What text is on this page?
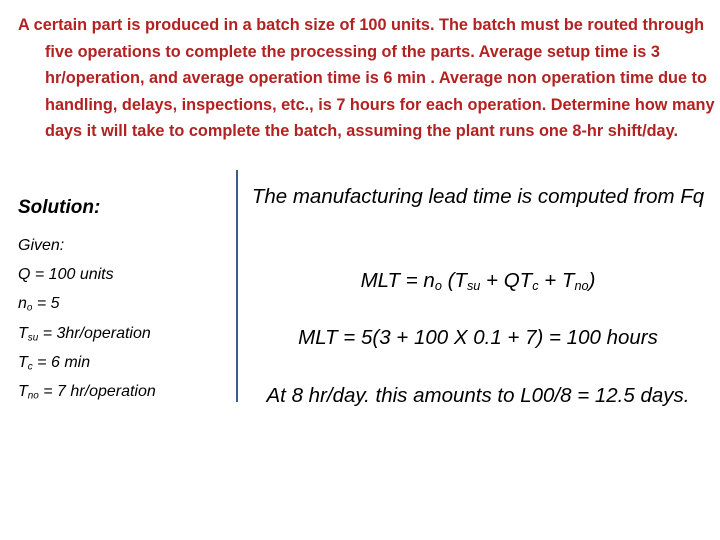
A certain part is produced in a batch size of 100 units. The batch must be routed through five operations to complete the processing of the parts. Average setup time is 3 hr/operation, and average operation time is 6 min . Average non operation time due to handling, delays, inspections, etc., is 7 hours for each operation. Determine how many days it will take to complete the batch, assuming the plant runs one 8-hr shift/day.

Solution:
Given:
Q = 100 units
$n_o = 5$
$T_{su}$ = 3hr/operation
$T_c = 6$ min
$T_{no} = 7$ hr/operation
The manufacturing lead time is computed from Fq
MLT = $n_o$ $(T_{su} + QT_c + T_{no})$
MLT = 5(3 + 100 X 0.1 + 7) = 100 hours
At 8 hr/day. this amounts to L00/8 = 12.5 days.
